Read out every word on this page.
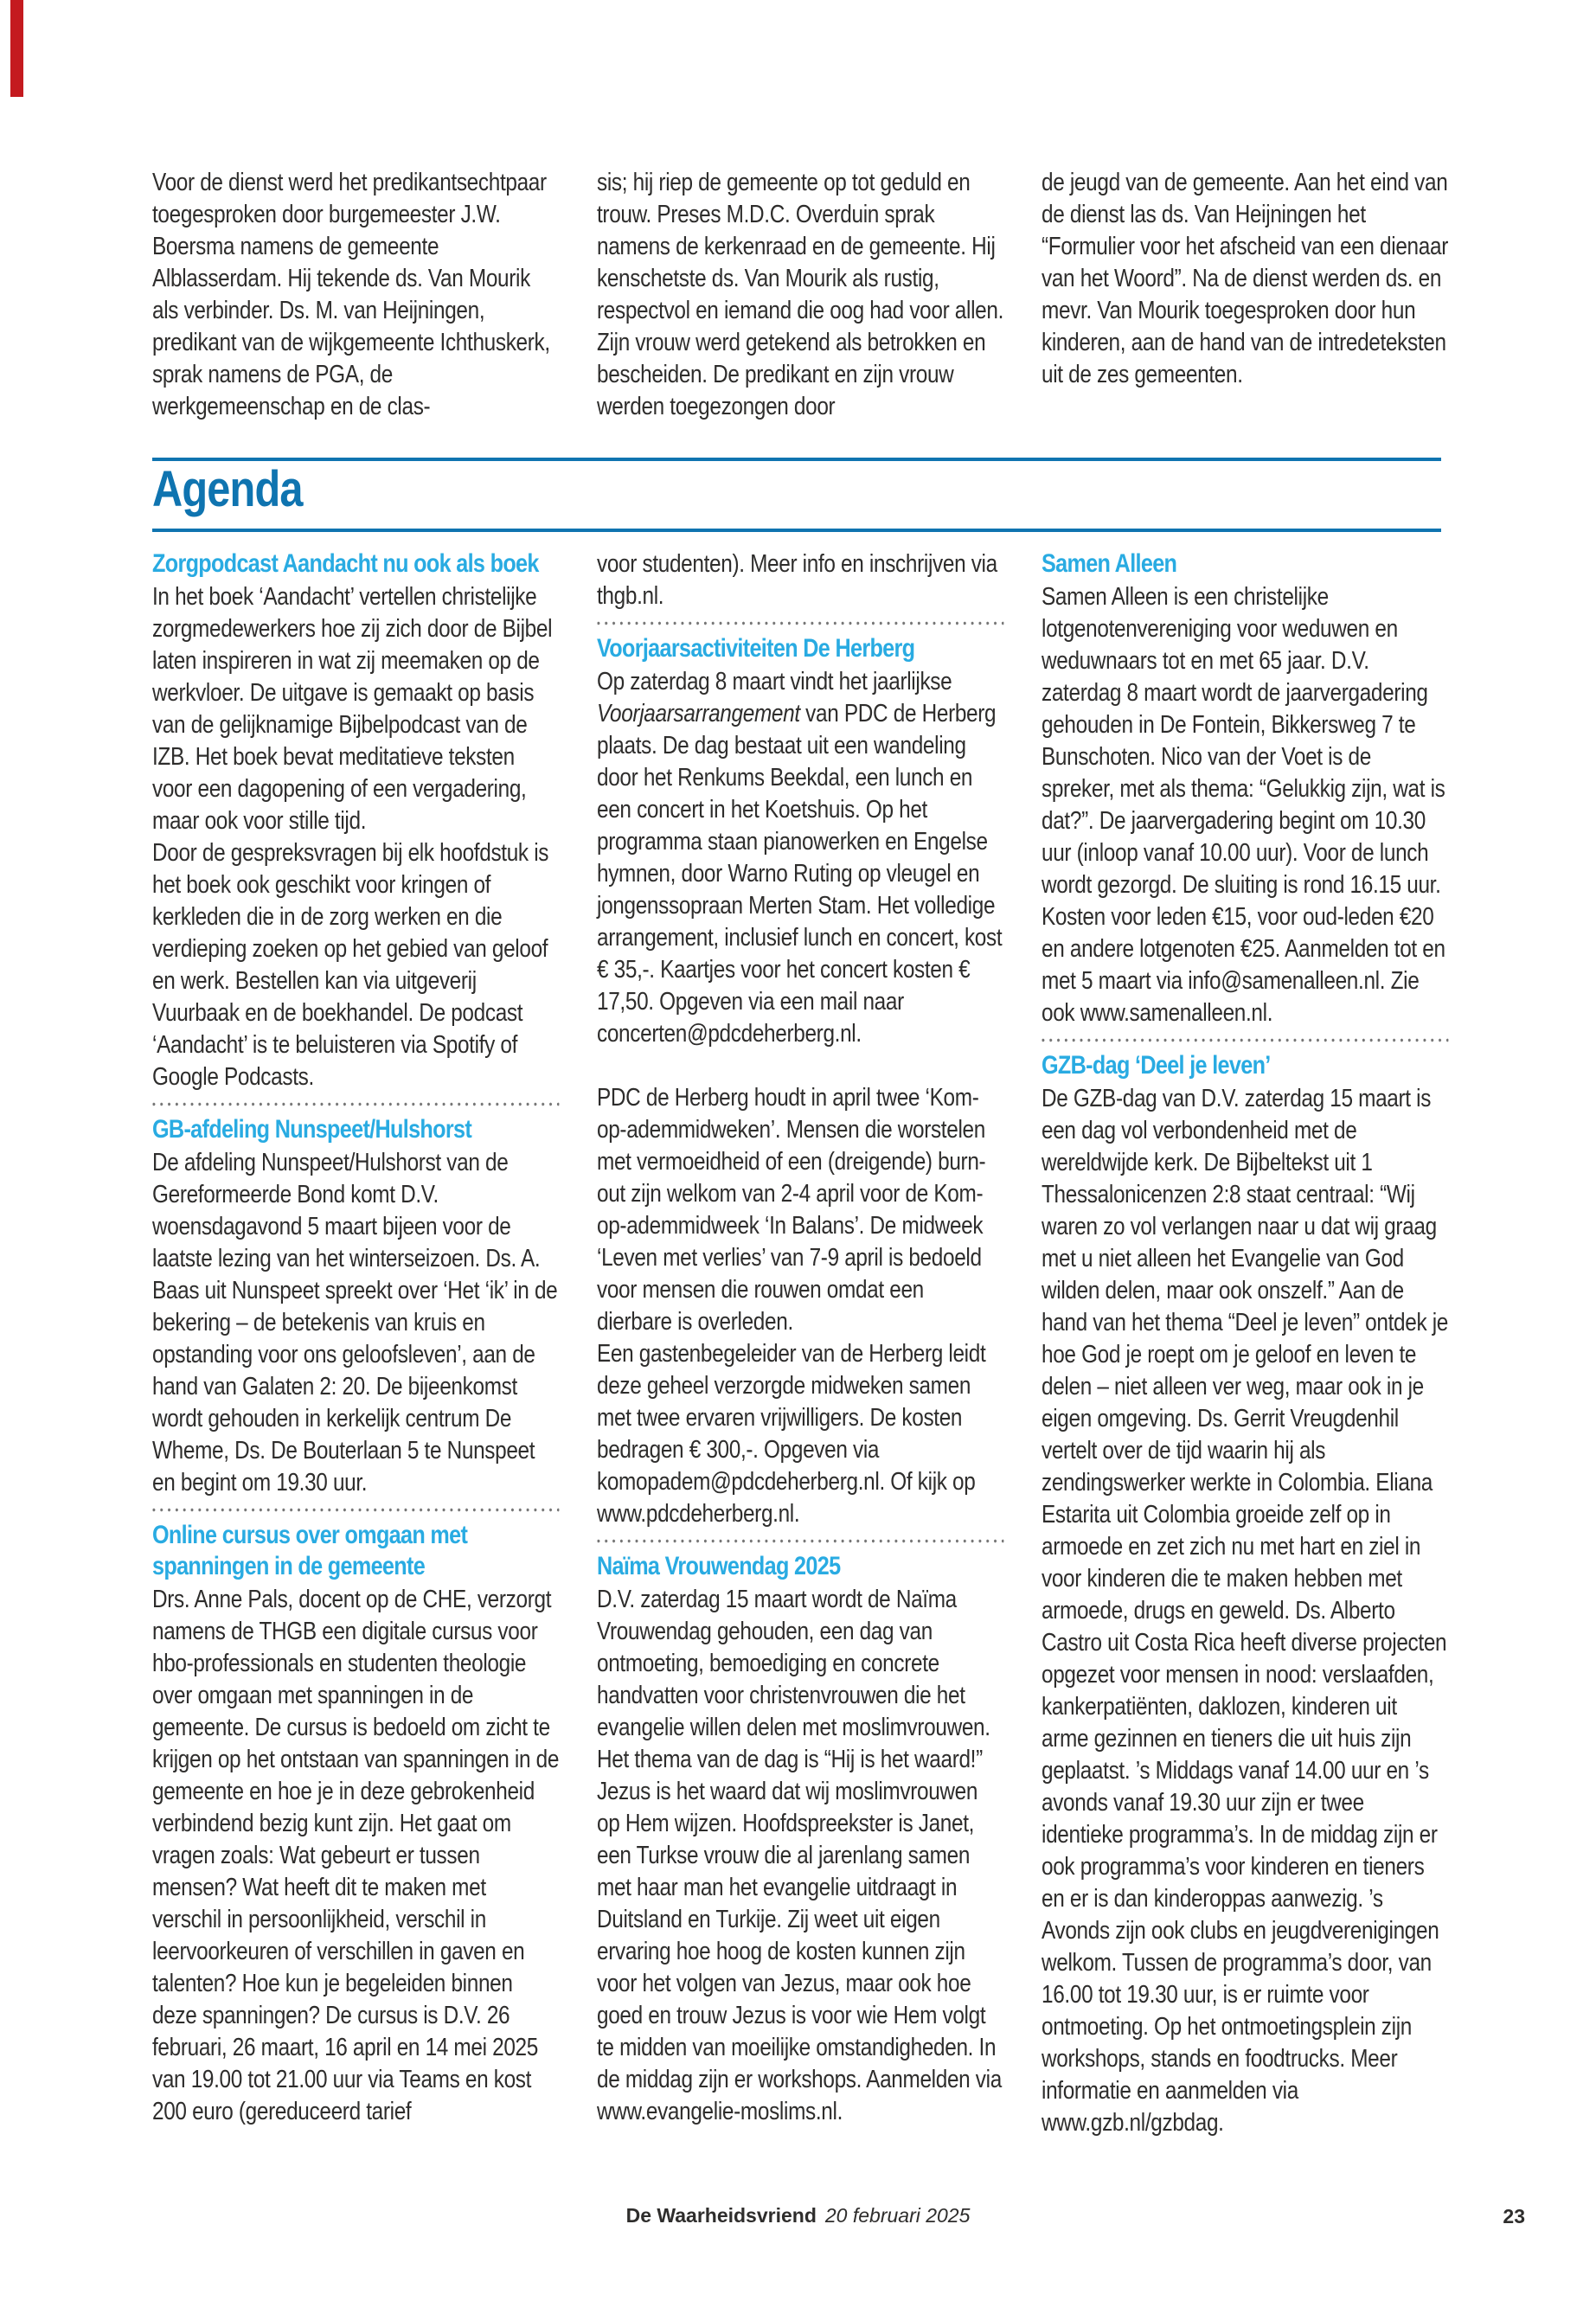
Voor de dienst werd het predikantsechtpaar toegesproken door burgemeester J.W. Boersma namens de gemeente Alblasserdam. Hij tekende ds. Van Mourik als verbinder. Ds. M. van Heijningen, predikant van de wijkgemeente Ichthuskerk, sprak namens de PGA, de werkgemeenschap en de clas-

sis; hij riep de gemeente op tot geduld en trouw. Preses M.D.C. Overduin sprak namens de kerkenraad en de gemeente. Hij kenschetste ds. Van Mourik als rustig, respectvol en iemand die oog had voor allen. Zijn vrouw werd getekend als betrokken en bescheiden. De predikant en zijn vrouw werden toegezongen door

de jeugd van de gemeente. Aan het eind van de dienst las ds. Van Heijningen het “Formulier voor het afscheid van een dienaar van het Woord”. Na de dienst werden ds. en mevr. Van Mourik toegesproken door hun kinderen, aan de hand van de intredeteksten uit de zes gemeenten.

Agenda
Zorgpodcast Aandacht nu ook als boek

In het boek ‘Aandacht’ vertellen christelijke zorgmedewerkers hoe zij zich door de Bijbel laten inspireren in wat zij meemaken op de werkvloer. De uitgave is gemaakt op basis van de gelijknamige Bijbelpodcast van de IZB. Het boek bevat meditatieve teksten voor een dagopening of een vergadering, maar ook voor stille tijd.

Door de gespreksvragen bij elk hoofdstuk is het boek ook geschikt voor kringen of kerkleden die in de zorg werken en die verdieping zoeken op het gebied van geloof en werk. Bestellen kan via uitgeverij Vuurbaak en de boekhandel. De podcast ‘Aandacht’ is te beluisteren via Spotify of Google Podcasts.

GB-afdeling Nunspeet/Hulshorst

De afdeling Nunspeet/Hulshorst van de Gereformeerde Bond komt D.V. woensdagavond 5 maart bijeen voor de laatste lezing van het winterseizoen. Ds. A. Baas uit Nunspeet spreekt over ‘Het ‘ik’ in de bekering – de betekenis van kruis en opstanding voor ons geloofsleven’, aan de hand van Galaten 2: 20. De bijeenkomst wordt gehouden in kerkelijk centrum De Wheme, Ds. De Bouterlaan 5 te Nunspeet en begint om 19.30 uur.

Online cursus over omgaan met spanningen in de gemeente

Drs. Anne Pals, docent op de CHE, verzorgt namens de THGB een digitale cursus voor hbo-professionals en studenten theologie over omgaan met spanningen in de gemeente. De cursus is bedoeld om zicht te krijgen op het ontstaan van spanningen in de gemeente en hoe je in deze gebrokenheid verbindend bezig kunt zijn. Het gaat om vragen zoals: Wat gebeurt er tussen mensen? Wat heeft dit te maken met verschil in persoonlijkheid, verschil in leervoorkeuren of verschillen in gaven en talenten? Hoe kun je begeleiden binnen deze spanningen? De cursus is D.V. 26 februari, 26 maart, 16 april en 14 mei 2025 van 19.00 tot 21.00 uur via Teams en kost 200 euro (gereduceerd tarief

voor studenten). Meer info en inschrijven via thgb.nl.

Voorjaarsactiviteiten De Herberg

Op zaterdag 8 maart vindt het jaarlijkse Voorjaarsarrangement van PDC de Herberg plaats. De dag bestaat uit een wandeling door het Renkums Beekdal, een lunch en een concert in het Koetshuis. Op het programma staan pianowerken en Engelse hymnen, door Warno Ruting op vleugel en jongenssopraan Merten Stam. Het volledige arrangement, inclusief lunch en concert, kost € 35,-. Kaartjes voor het concert kosten € 17,50. Opgeven via een mail naar concerten@pdcdeherberg.nl.

PDC de Herberg houdt in april twee ‘Kom-op-ademmidweken’. Mensen die worstelen met vermoeidheid of een (dreigende) burn-out zijn welkom van 2-4 april voor de Kom-op-ademmidweek ‘In Balans’. De midweek ‘Leven met verlies’ van 7-9 april is bedoeld voor mensen die rouwen omdat een dierbare is overleden.

Een gastenbegeleider van de Herberg leidt deze geheel verzorgde midweken samen met twee ervaren vrijwilligers. De kosten bedragen € 300,-. Opgeven via komopadem@pdcdeherberg.nl. Of kijk op www.pdcdeherberg.nl.

Naïma Vrouwendag 2025

D.V. zaterdag 15 maart wordt de Naïma Vrouwendag gehouden, een dag van ontmoeting, bemoediging en concrete handvatten voor christenvrouwen die het evangelie willen delen met moslimvrouwen.

Het thema van de dag is “Hij is het waard!” Jezus is het waard dat wij moslimvrouwen op Hem wijzen. Hoofdspreekster is Janet, een Turkse vrouw die al jarenlang samen met haar man het evangelie uitdraagt in Duitsland en Turkije. Zij weet uit eigen ervaring hoe hoog de kosten kunnen zijn voor het volgen van Jezus, maar ook hoe goed en trouw Jezus is voor wie Hem volgt te midden van moeilijke omstandigheden. In de middag zijn er workshops. Aanmelden via www.evangelie-moslims.nl.

Samen Alleen

Samen Alleen is een christelijke lotgenotenvereniging voor weduwen en weduwnaars tot en met 65 jaar. D.V. zaterdag 8 maart wordt de jaarvergadering gehouden in De Fontein, Bikkersweg 7 te Bunschoten. Nico van der Voet is de spreker, met als thema: “Gelukkig zijn, wat is dat?”. De jaarvergadering begint om 10.30 uur (inloop vanaf 10.00 uur). Voor de lunch wordt gezorgd. De sluiting is rond 16.15 uur. Kosten voor leden €15, voor oud-leden €20 en andere lotgenoten €25. Aanmelden tot en met 5 maart via info@samenalleen.nl. Zie ook www.samenalleen.nl.

GZB-dag ‘Deel je leven’

De GZB-dag van D.V. zaterdag 15 maart is een dag vol verbondenheid met de wereldwijde kerk. De Bijbeltekst uit 1 Thessalonicenzen 2:8 staat centraal: “Wij waren zo vol verlangen naar u dat wij graag met u niet alleen het Evangelie van God wilden delen, maar ook onszelf.” Aan de hand van het thema “Deel je leven” ontdek je hoe God je roept om je geloof en leven te delen – niet alleen ver weg, maar ook in je eigen omgeving. Ds. Gerrit Vreugdenhil vertelt over de tijd waarin hij als zendingswerker werkte in Colombia. Eliana Estarita uit Colombia groeide zelf op in armoede en zet zich nu met hart en ziel in voor kinderen die te maken hebben met armoede, drugs en geweld. Ds. Alberto Castro uit Costa Rica heeft diverse projecten opgezet voor mensen in nood: verslaafden, kankerpatiënten, daklozen, kinderen uit arme gezinnen en tieners die uit huis zijn geplaatst. ’s Middags vanaf 14.00 uur en ’s avonds vanaf 19.30 uur zijn er twee identieke programma’s. In de middag zijn er ook programma’s voor kinderen en tieners en er is dan kinderoppas aanwezig. ’s Avonds zijn ook clubs en jeugdverenigingen welkom. Tussen de programma’s door, van 16.00 tot 19.30 uur, is er ruimte voor ontmoeting. Op het ontmoetingsplein zijn workshops, stands en foodtrucks. Meer informatie en aanmelden via www.gzb.nl/gzbdag.

De Waarheidsvriend 20 februari 2025	23
